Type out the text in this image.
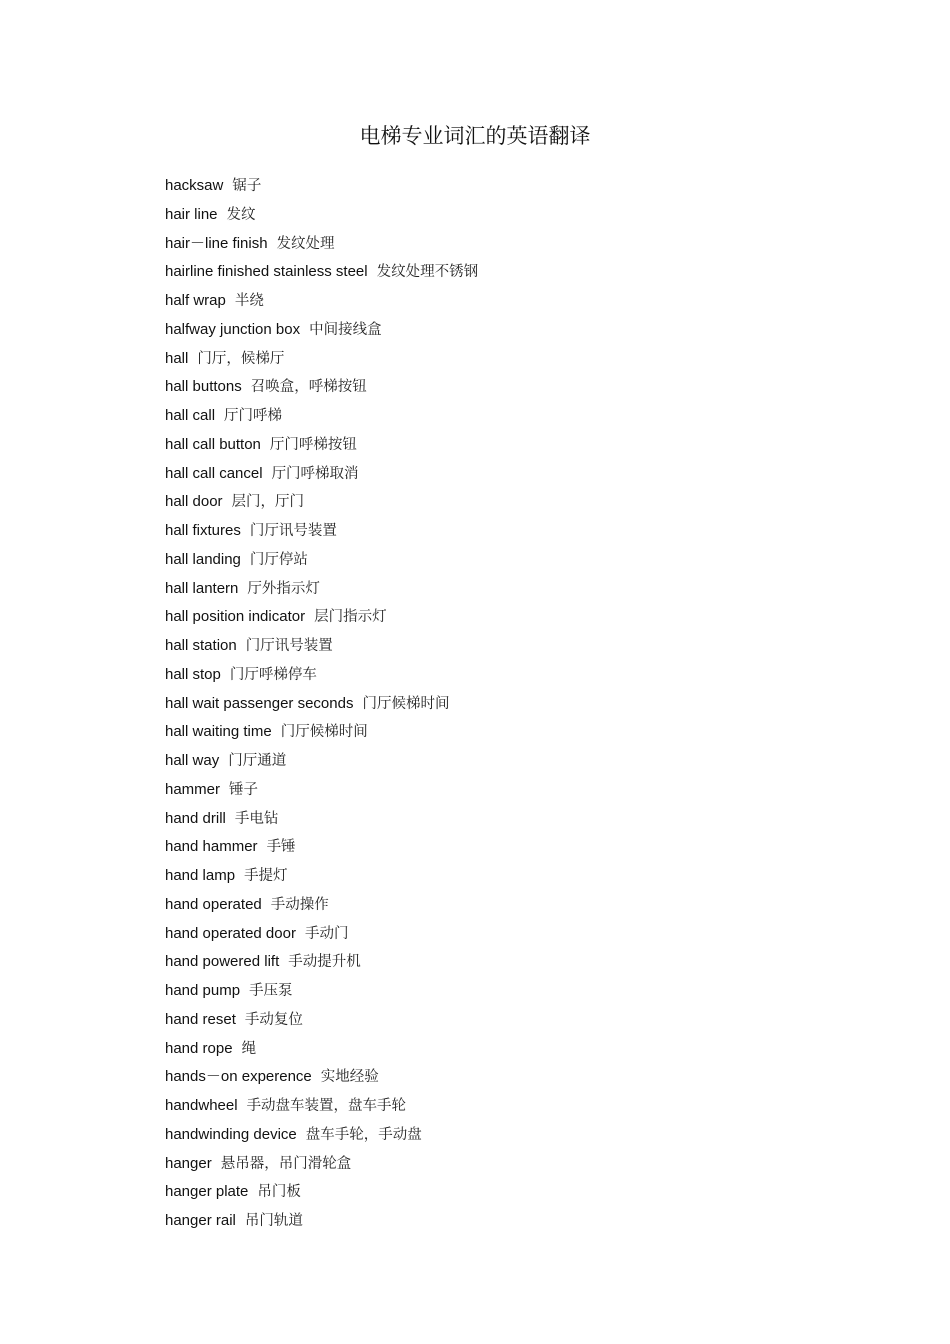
电梯专业词汇的英语翻译
hacksaw 锯子
hair line 发纹
hair－line finish 发纹处理
hairline finished stainless steel 发纹处理不锈钢
half wrap 半绕
halfway junction box 中间接线盒
hall 门厅，候梯厅
hall buttons 召唤盒，呼梯按钮
hall call 厅门呼梯
hall call button 厅门呼梯按钮
hall call cancel 厅门呼梯取消
hall door 层门，厅门
hall fixtures 门厅讯号装置
hall landing 门厅停站
hall lantern 厅外指示灯
hall position indicator 层门指示灯
hall station 门厅讯号装置
hall stop 门厅呼梯停车
hall wait passenger seconds 门厅候梯时间
hall waiting time 门厅候梯时间
hall way 门厅通道
hammer 锤子
hand drill 手电钻
hand hammer 手锤
hand lamp 手提灯
hand operated 手动操作
hand operated door 手动门
hand powered lift 手动提升机
hand pump 手压泵
hand reset 手动复位
hand rope 绳
hands－on experence 实地经验
handwheel 手动盘车装置，盘车手轮
handwinding device 盘车手轮，手动盘
hanger 悬吊器，吊门滑轮盒
hanger plate 吊门板
hanger rail 吊门轨道
